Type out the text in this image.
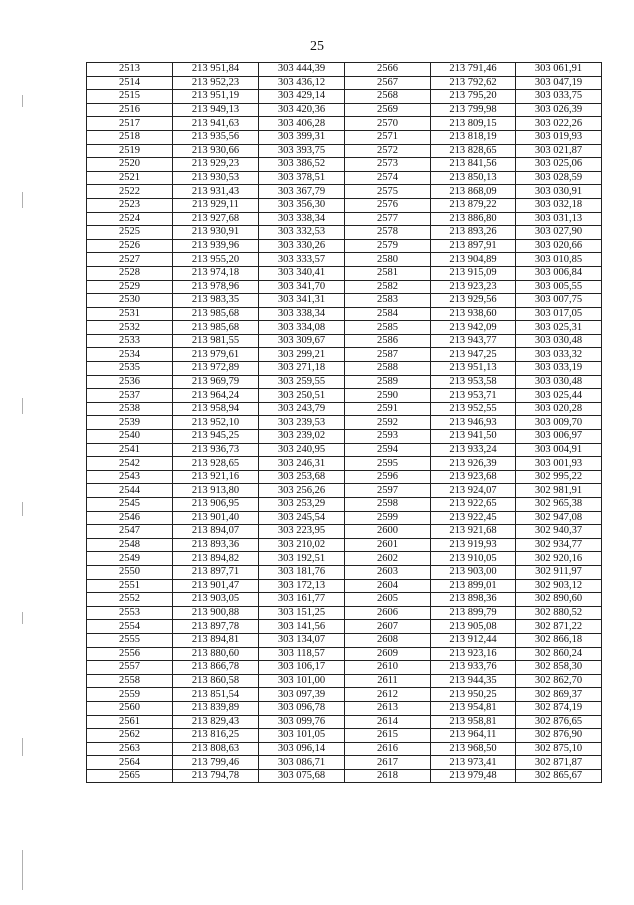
25
2513	213 951,84	303 444,39	2566	213 791,46	303 061,91
2514	213 952,23	303 436,12	2567	213 792,62	303 047,19
2515	213 951,19	303 429,14	2568	213 795,20	303 033,75
2516	213 949,13	303 420,36	2569	213 799,98	303 026,39
2517	213 941,63	303 406,28	2570	213 809,15	303 022,26
2518	213 935,56	303 399,31	2571	213 818,19	303 019,93
2519	213 930,66	303 393,75	2572	213 828,65	303 021,87
2520	213 929,23	303 386,52	2573	213 841,56	303 025,06
2521	213 930,53	303 378,51	2574	213 850,13	303 028,59
2522	213 931,43	303 367,79	2575	213 868,09	303 030,91
2523	213 929,11	303 356,30	2576	213 879,22	303 032,18
2524	213 927,68	303 338,34	2577	213 886,80	303 031,13
2525	213 930,91	303 332,53	2578	213 893,26	303 027,90
2526	213 939,96	303 330,26	2579	213 897,91	303 020,66
2527	213 955,20	303 333,57	2580	213 904,89	303 010,85
2528	213 974,18	303 340,41	2581	213 915,09	303 006,84
2529	213 978,96	303 341,70	2582	213 923,23	303 005,55
2530	213 983,35	303 341,31	2583	213 929,56	303 007,75
2531	213 985,68	303 338,34	2584	213 938,60	303 017,05
2532	213 985,68	303 334,08	2585	213 942,09	303 025,31
2533	213 981,55	303 309,67	2586	213 943,77	303 030,48
2534	213 979,61	303 299,21	2587	213 947,25	303 033,32
2535	213 972,89	303 271,18	2588	213 951,13	303 033,19
2536	213 969,79	303 259,55	2589	213 953,58	303 030,48
2537	213 964,24	303 250,51	2590	213 953,71	303 025,44
2538	213 958,94	303 243,79	2591	213 952,55	303 020,28
2539	213 952,10	303 239,53	2592	213 946,93	303 009,70
2540	213 945,25	303 239,02	2593	213 941,50	303 006,97
2541	213 936,73	303 240,95	2594	213 933,24	303 004,91
2542	213 928,65	303 246,31	2595	213 926,39	303 001,93
2543	213 921,16	303 253,68	2596	213 923,68	302 995,22
2544	213 913,80	303 256,26	2597	213 924,07	302 981,91
2545	213 906,95	303 253,29	2598	213 922,65	302 965,38
2546	213 901,40	303 245,54	2599	213 922,45	302 947,08
2547	213 894,07	303 223,95	2600	213 921,68	302 940,37
2548	213 893,36	303 210,02	2601	213 919,93	302 934,77
2549	213 894,82	303 192,51	2602	213 910,05	302 920,16
2550	213 897,71	303 181,76	2603	213 903,00	302 911,97
2551	213 901,47	303 172,13	2604	213 899,01	302 903,12
2552	213 903,05	303 161,77	2605	213 898,36	302 890,60
2553	213 900,88	303 151,25	2606	213 899,79	302 880,52
2554	213 897,78	303 141,56	2607	213 905,08	302 871,22
2555	213 894,81	303 134,07	2608	213 912,44	302 866,18
2556	213 880,60	303 118,57	2609	213 923,16	302 860,24
2557	213 866,78	303 106,17	2610	213 933,76	302 858,30
2558	213 860,58	303 101,00	2611	213 944,35	302 862,70
2559	213 851,54	303 097,39	2612	213 950,25	302 869,37
2560	213 839,89	303 096,78	2613	213 954,81	302 874,19
2561	213 829,43	303 099,76	2614	213 958,81	302 876,65
2562	213 816,25	303 101,05	2615	213 964,11	302 876,90
2563	213 808,63	303 096,14	2616	213 968,50	302 875,10
2564	213 799,46	303 086,71	2617	213 973,41	302 871,87
2565	213 794,78	303 075,68	2618	213 979,48	302 865,67
